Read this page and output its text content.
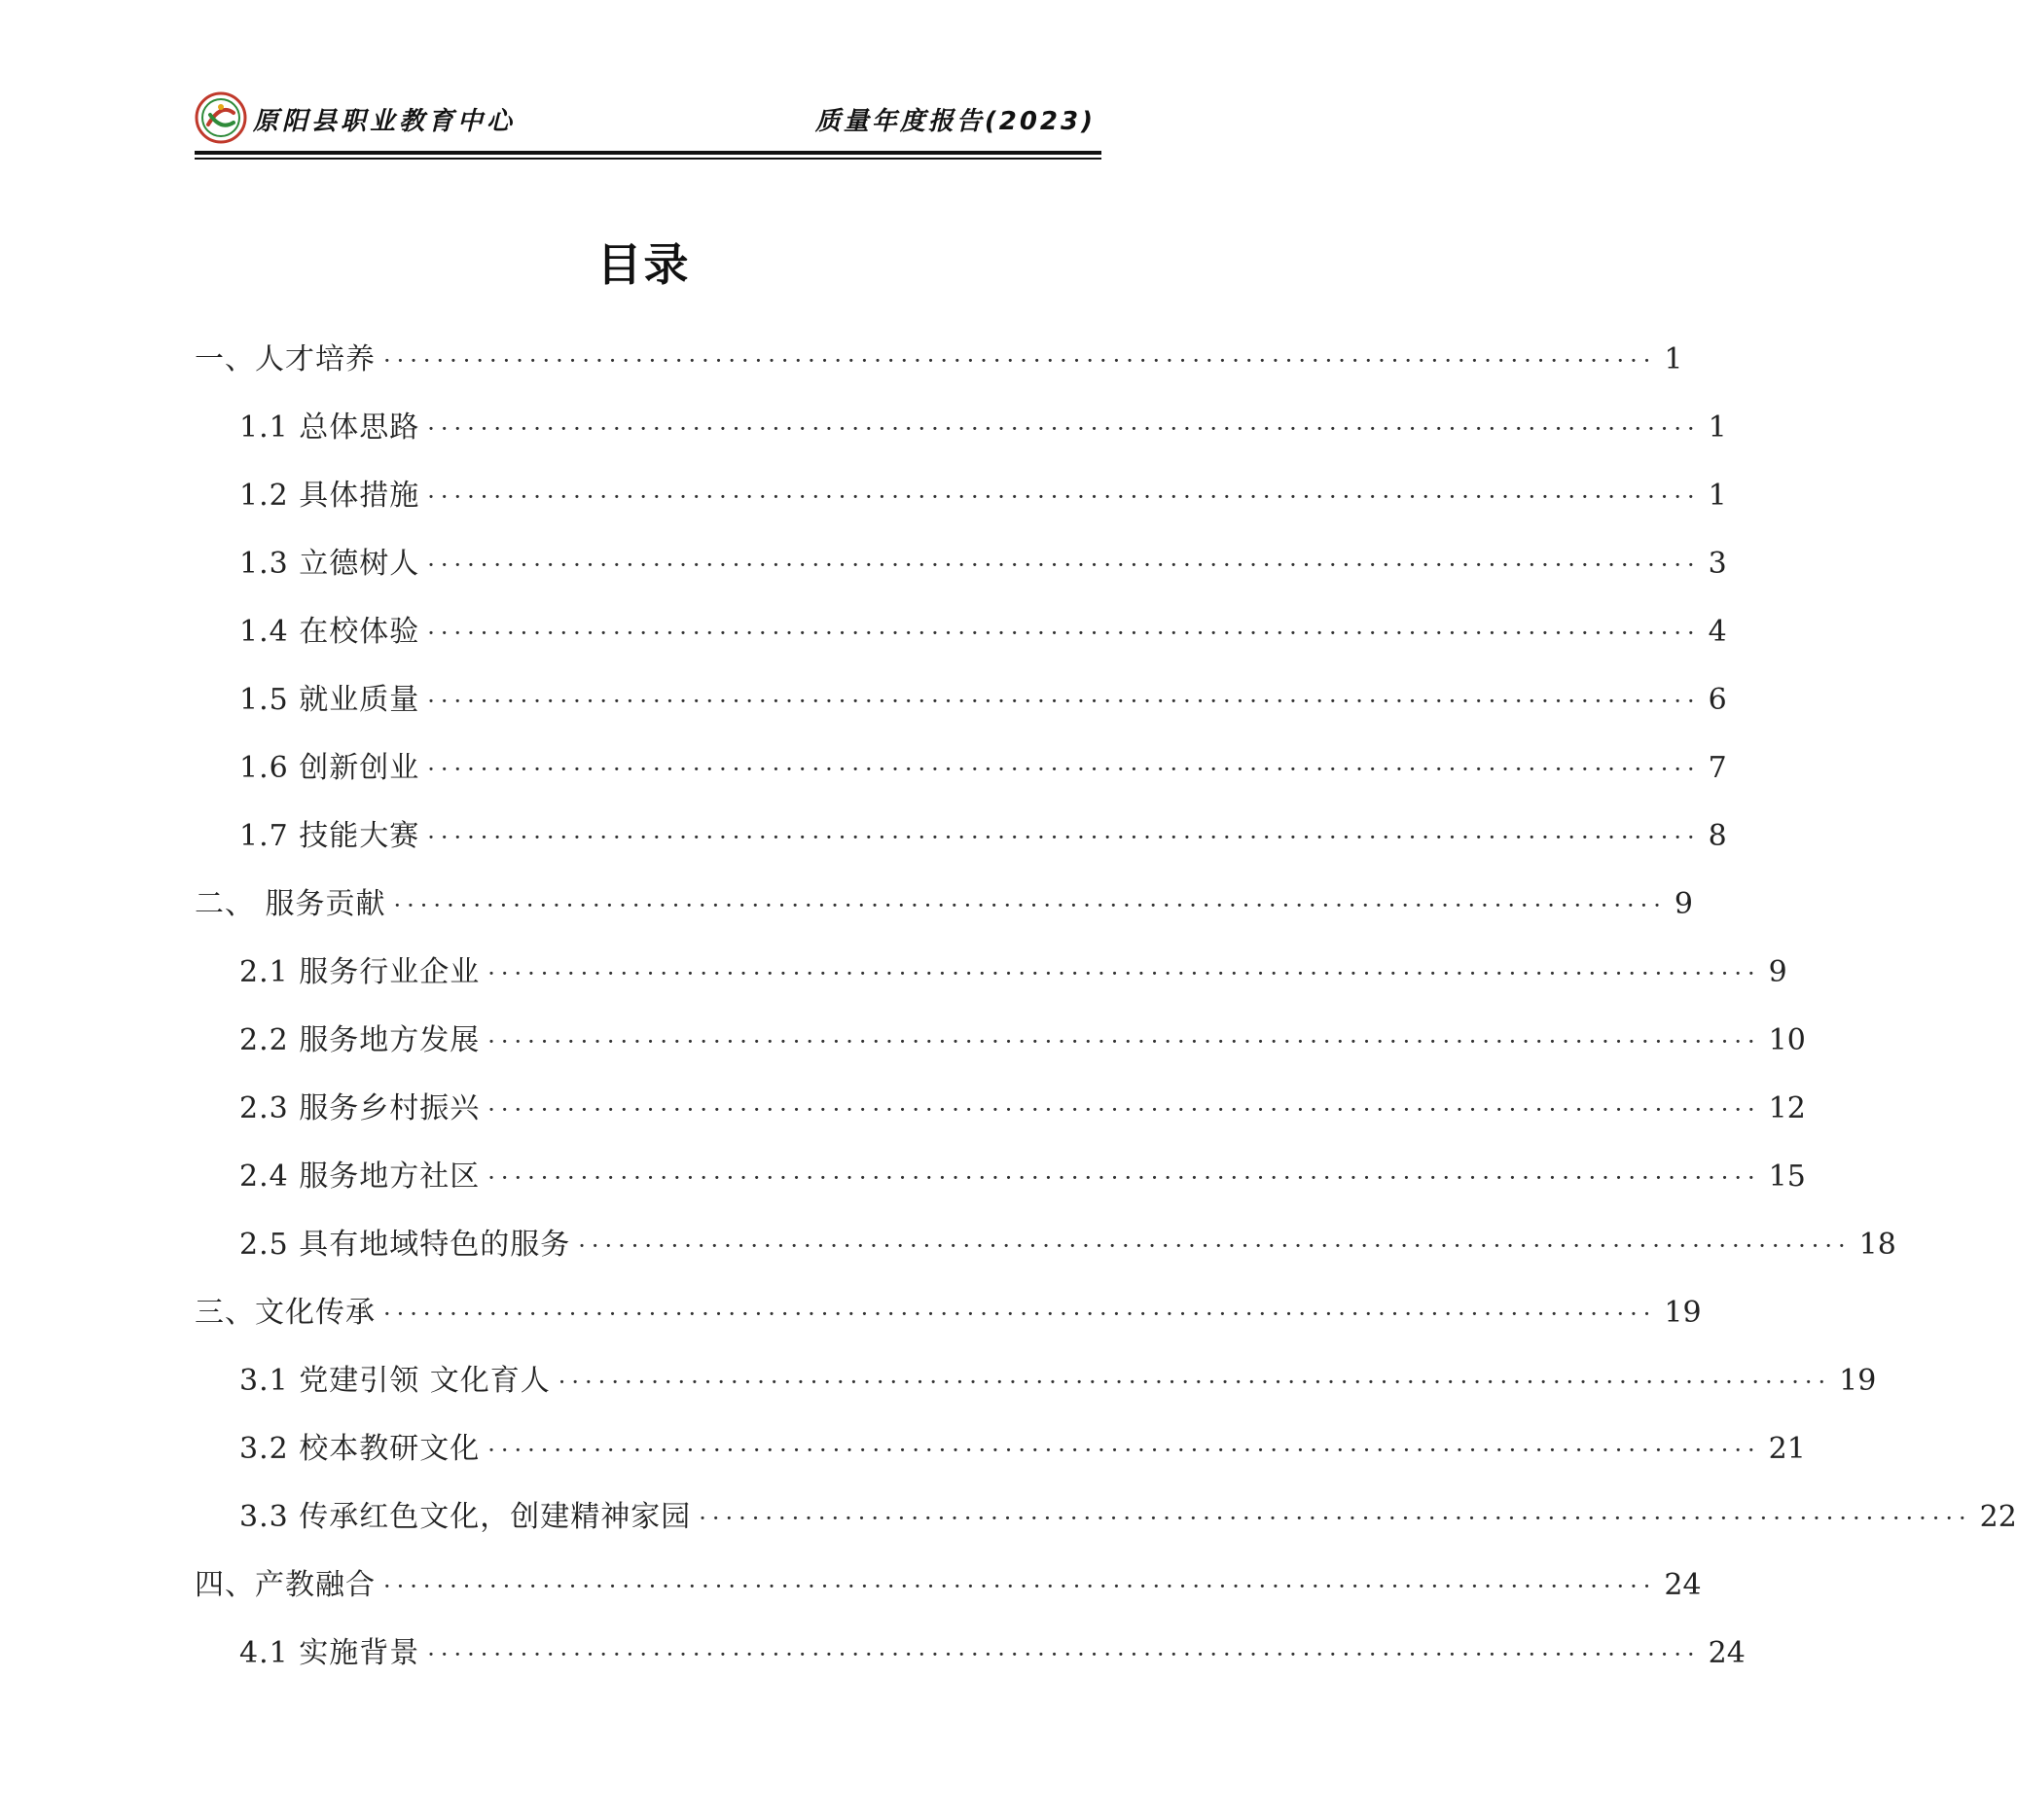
原阳县职业教育中心	质量年度报告(2023)
目录
一、人才培养 ································································································ 1
1.1 总体思路 ································································································ 1
1.2 具体措施 ································································································ 1
1.3 立德树人 ································································································ 3
1.4 在校体验 ································································································ 4
1.5 就业质量 ································································································ 6
1.6 创新创业 ································································································ 7
1.7 技能大赛 ································································································ 8
二、 服务贡献 ································································································ 9
2.1 服务行业企业 ································································································ 9
2.2 服务地方发展 ································································································ 10
2.3 服务乡村振兴 ································································································ 12
2.4 服务地方社区 ································································································ 15
2.5 具有地域特色的服务 ································································································ 18
三、文化传承 ································································································ 19
3.1 党建引领 文化育人 ································································································ 19
3.2 校本教研文化 ································································································ 21
3.3 传承红色文化，创建精神家园 ································································································ 22
四、产教融合 ································································································ 24
4.1 实施背景 ································································································ 24
